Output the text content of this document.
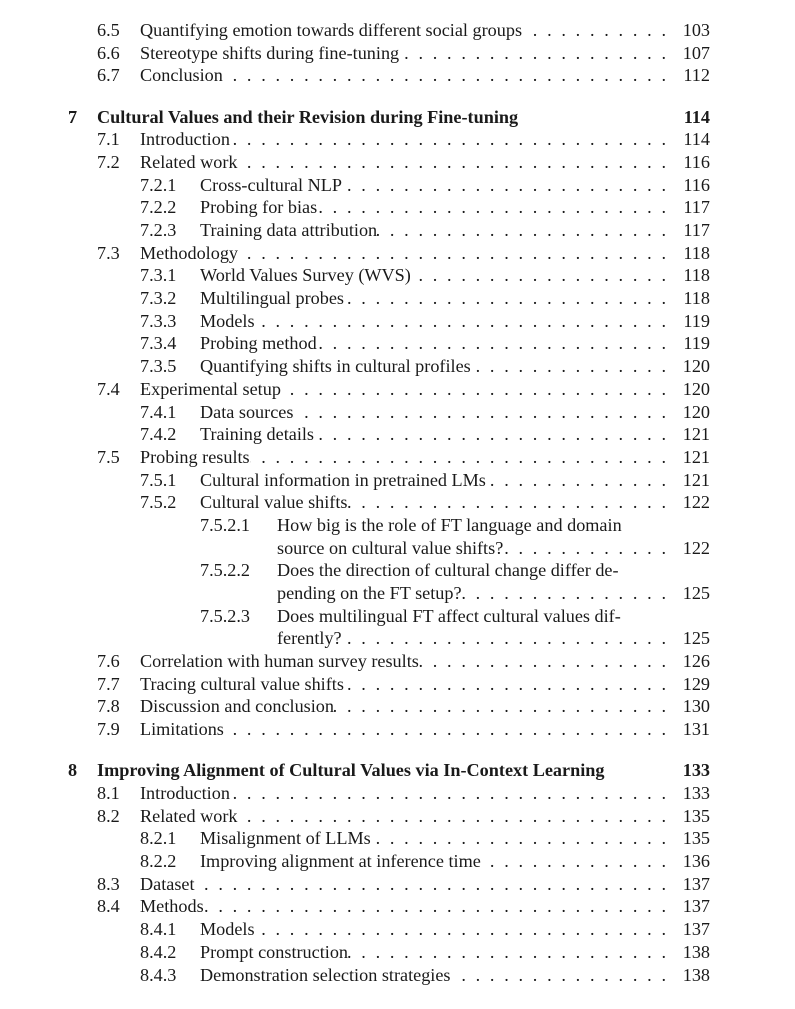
6.5 Quantifying emotion towards different social groups . . .	103
6.6 Stereotype shifts during fine-tuning . . .	107
6.7 Conclusion . . .	112
7 Cultural Values and their Revision during Fine-tuning	114
7.1 Introduction . . .	114
7.2 Related work . . .	116
7.2.1 Cross-cultural NLP . . .	116
7.2.2 Probing for bias . . .	117
7.2.3 Training data attribution . . .	117
7.3 Methodology . . .	118
7.3.1 World Values Survey (WVS) . . .	118
7.3.2 Multilingual probes . . .	118
7.3.3 Models . . .	119
7.3.4 Probing method . . .	119
7.3.5 Quantifying shifts in cultural profiles . . .	120
7.4 Experimental setup . . .	120
7.4.1 Data sources . . .	120
7.4.2 Training details . . .	121
7.5 Probing results . . .	121
7.5.1 Cultural information in pretrained LMs . . .	121
7.5.2 Cultural value shifts . . .	122
7.5.2.1 How big is the role of FT language and domain
source on cultural value shifts? . . .	122
7.5.2.2 Does the direction of cultural change differ de-
pending on the FT setup? . . .	125
7.5.2.3 Does multilingual FT affect cultural values dif-
ferently? . . .	125
7.6 Correlation with human survey results . . .	126
7.7 Tracing cultural value shifts . . .	129
7.8 Discussion and conclusion . . .	130
7.9 Limitations . . .	131
8 Improving Alignment of Cultural Values via In-Context Learning	133
8.1 Introduction . . .	133
8.2 Related work . . .	135
8.2.1 Misalignment of LLMs . . .	135
8.2.2 Improving alignment at inference time . . .	136
8.3 Dataset . . .	137
8.4 Methods . . .	137
8.4.1 Models . . .	137
8.4.2 Prompt construction . . .	138
8.4.3 Demonstration selection strategies . . .	138
